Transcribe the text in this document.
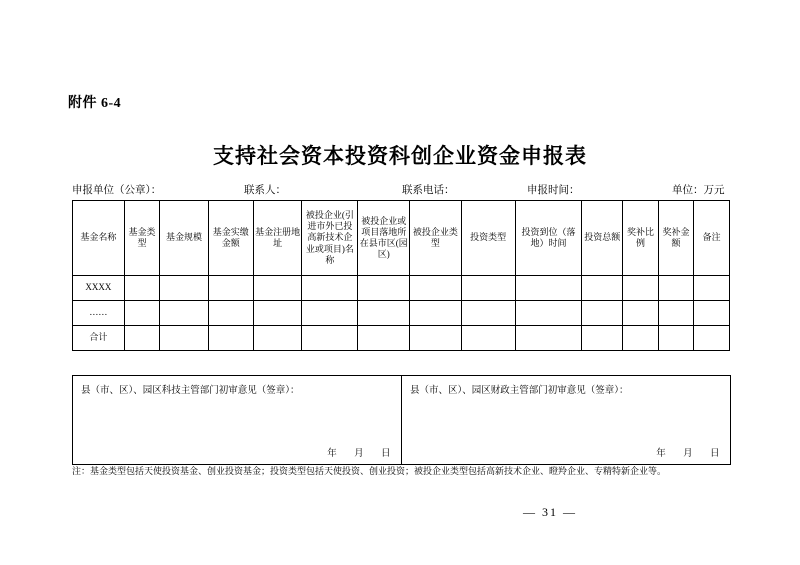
附件 6-4
支持社会资本投资科创企业资金申报表
申报单位（公章）：	联系人：	联系电话：	申报时间：	单位：万元
基金名称	基金类型	基金规模	基金实缴金额	基金注册地址	被投企业(引进市外已投高新技术企业或项目)名称	被投企业或项目落地所在县市区(园区)	被投企业类型	投资类型	投资到位（落地）时间	投资总额	奖补比例	奖补金额	备注
XXXX													
……													
合计													
县（市、区）、园区科技主管部门初审意见（签章）：
年 月 日

县（市、区）、园区财政主管部门初审意见（签章）：
年 月 日
注：基金类型包括天使投资基金、创业投资基金；投资类型包括天使投资、创业投资；被投企业类型包括高新技术企业、瞪羚企业、专精特新企业等。
— 31 —
